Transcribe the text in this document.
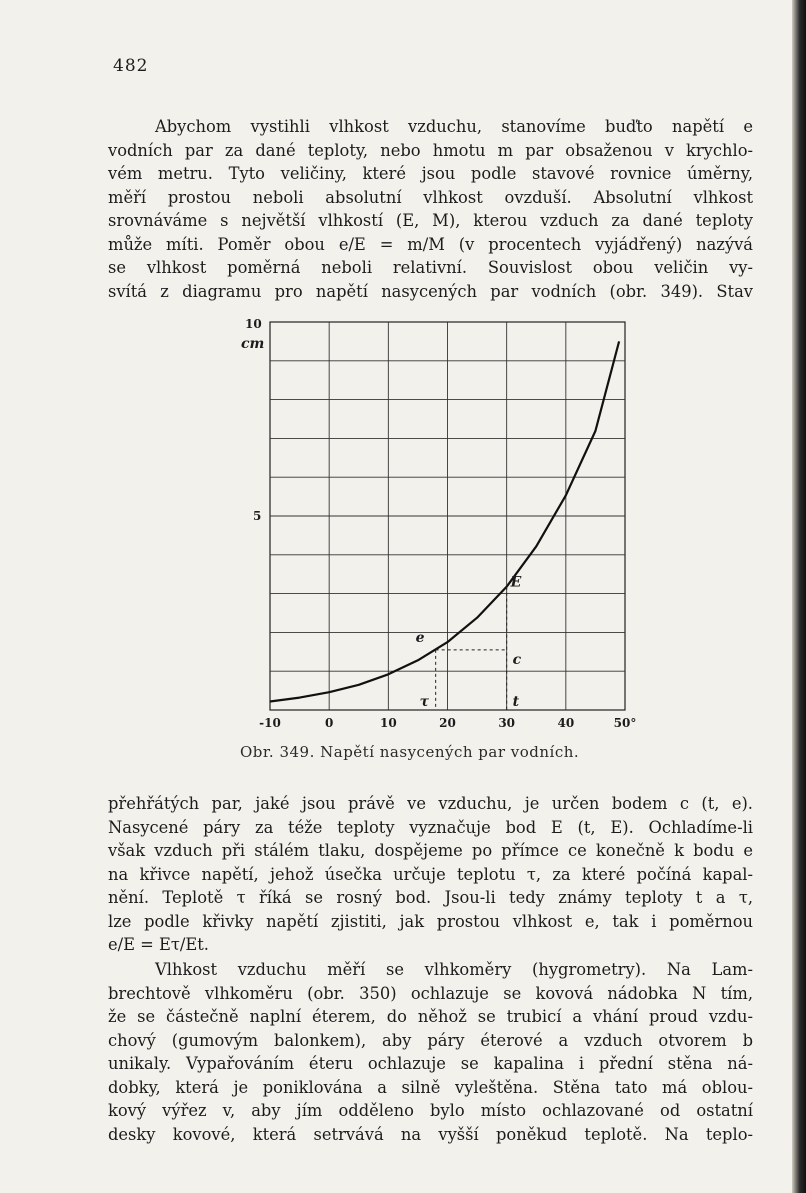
482
Abychom vystihli vlhkost vzduchu, stanovíme buďto napětí e
vodních par za dané teploty, nebo hmotu m par obsaženou v krychlo-
vém metru. Tyto veličiny, které jsou podle stavové rovnice úměrny,
měří prostou neboli absolutní vlhkost ovzduší. Absolutní vlhkost
srovnáváme s největší vlhkostí (E, M), kterou vzduch za dané teploty
může míti. Poměr obou e/E = m/M (v procentech vyjádřený) nazývá
se vlhkost poměrná neboli relativní. Souvislost obou veličin vy-
svítá z diagramu pro napětí nasycených par vodních (obr. 349). Stav
E
e
c
τ	t
10
cm
5
-10	0	10	20	30	40	50°
Obr. 349. Napětí nasycených par vodních.
přehřátých par, jaké jsou právě ve vzduchu, je určen bodem c (t, e).
Nasycené páry za téže teploty vyznačuje bod E (t, E). Ochladíme-li
však vzduch při stálém tlaku, dospějeme po přímce ce konečně k bodu e
na křivce napětí, jehož úsečka určuje teplotu τ, za které počíná kapal-
nění. Teplotě τ říká se rosný bod. Jsou-li tedy známy teploty t a τ,
lze podle křivky napětí zjistiti, jak prostou vlhkost e, tak i poměrnou
e/E = Eτ/Et.
Vlhkost vzduchu měří se vlhkoměry (hygrometry). Na Lam-
brechtově vlhkoměru (obr. 350) ochlazuje se kovová nádobka N tím,
že se částečně naplní éterem, do něhož se trubicí a vhání proud vzdu-
chový (gumovým balonkem), aby páry éterové a vzduch otvorem b
unikaly. Vypařováním éteru ochlazuje se kapalina i přední stěna ná-
dobky, která je poniklována a silně vyleštěna. Stěna tato má oblou-
kový výřez v, aby jím odděleno bylo místo ochlazované od ostatní
desky kovové, která setrvává na vyšší poněkud teplotě. Na teplo-
